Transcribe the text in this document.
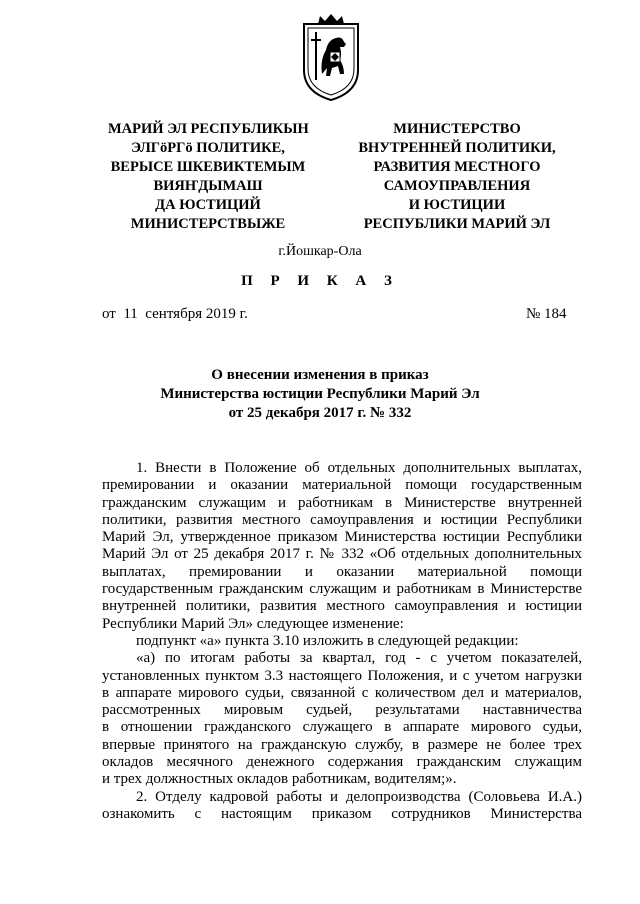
МАРИЙ ЭЛ РЕСПУБЛИКЫН
ЭЛГӧРГӧ ПОЛИТИКЕ,
ВЕРЫСЕ ШКЕВИКТЕМЫМ
ВИЯҤДЫМАШ
ДА ЮСТИЦИЙ
МИНИСТЕРСТВЫЖЕ
МИНИСТЕРСТВО
ВНУТРЕННЕЙ ПОЛИТИКИ,
РАЗВИТИЯ МЕСТНОГО
САМОУПРАВЛЕНИЯ
И ЮСТИЦИИ
РЕСПУБЛИКИ МАРИЙ ЭЛ
г.Йошкар-Ола
П Р И К А З
от  11  сентября 2019 г.	№ 184
О внесении изменения в приказ
Министерства юстиции Республики Марий Эл
от 25 декабря 2017 г. № 332
1. Внести в Положение об отдельных дополнительных выплатах,
премировании и оказании материальной помощи государственным
гражданским служащим и работникам в Министерстве внутренней
политики, развития местного самоуправления и юстиции Республики
Марий Эл, утвержденное приказом Министерства юстиции Республики
Марий Эл от 25 декабря 2017 г. № 332 «Об отдельных дополнительных
выплатах, премировании и оказании материальной помощи
государственным гражданским служащим и работникам в Министерстве
внутренней политики, развития местного самоуправления и юстиции
Республики Марий Эл» следующее изменение:
подпункт «а» пункта 3.10 изложить в следующей редакции:
«а) по итогам работы за квартал, год - с учетом показателей,
установленных пунктом 3.3 настоящего Положения, и с учетом нагрузки
в аппарате мирового судьи, связанной с количеством дел и материалов,
рассмотренных мировым судьей, результатами наставничества
в отношении гражданского служащего в аппарате мирового судьи,
впервые принятого на гражданскую службу, в размере не более трех
окладов месячного денежного содержания гражданским служащим
и трех должностных окладов работникам, водителям;».
2. Отделу кадровой работы и делопроизводства (Соловьева И.А.)
ознакомить с настоящим приказом сотрудников Министерства
